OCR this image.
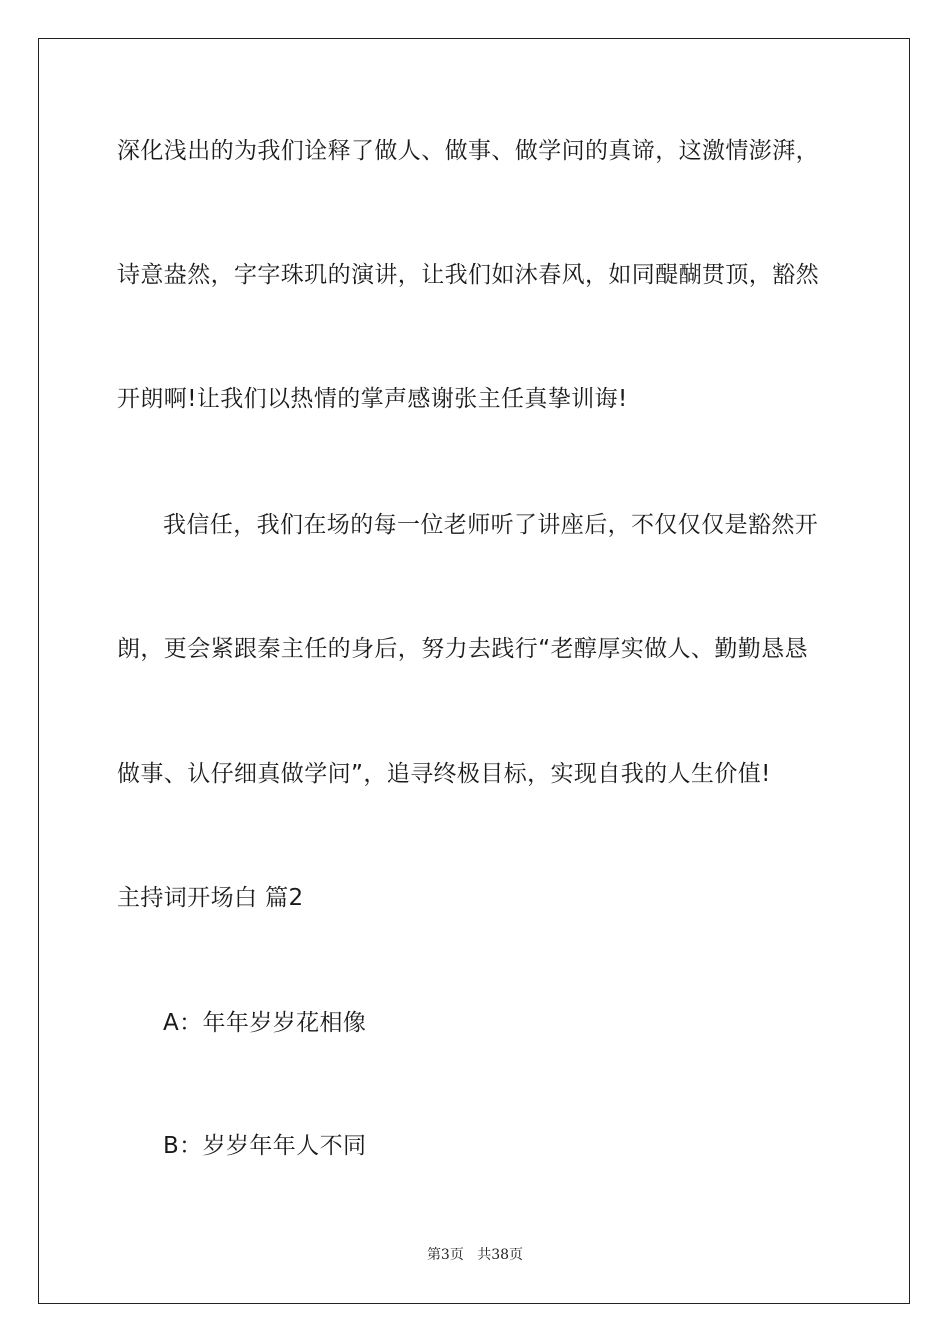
深化浅出的为我们诠释了做人、做事、做学问的真谛，这激情澎湃，
诗意盎然，字字珠玑的演讲，让我们如沐春风，如同醍醐贯顶，豁然
开朗啊!让我们以热情的掌声感谢张主任真挚训诲!
我信任，我们在场的每一位老师听了讲座后，不仅仅仅是豁然开
朗，更会紧跟秦主任的身后，努力去践行“老醇厚实做人、勤勤恳恳
做事、认仔细真做学问”，追寻终极目标，实现自我的人生价值!
主持词开场白 篇2
A：年年岁岁花相像
B：岁岁年年人不同
第3页 共38页
